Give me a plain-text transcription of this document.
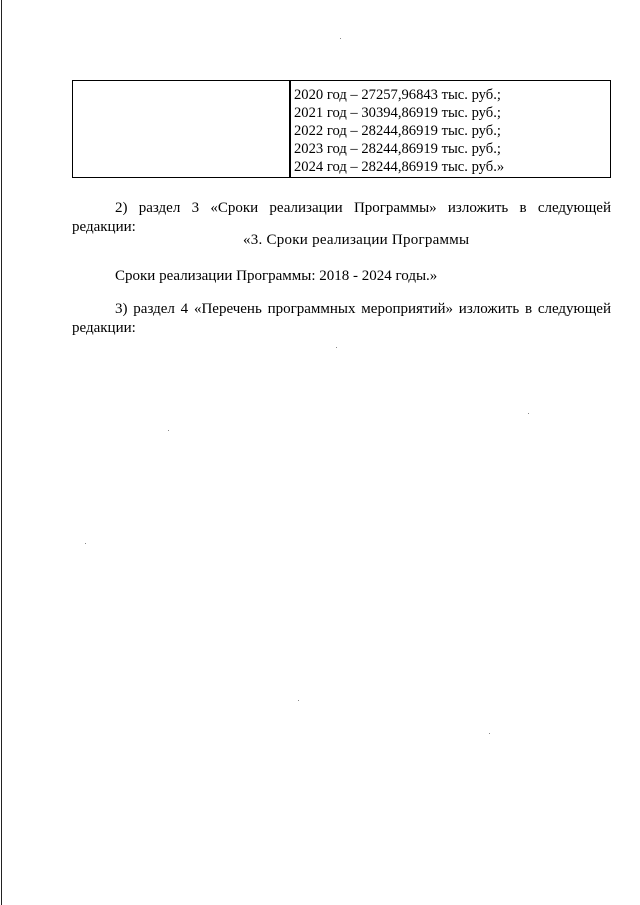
2020 год – 27257,96843 тыс. руб.;
2021 год – 30394,86919 тыс. руб.;
2022 год – 28244,86919 тыс. руб.;
2023 год – 28244,86919 тыс. руб.;
2024 год – 28244,86919 тыс. руб.»
2) раздел 3 «Сроки реализации Программы» изложить в следующей
редакции:
«3. Сроки реализации Программы
Сроки реализации Программы: 2018 - 2024 годы.»
3) раздел 4 «Перечень программных мероприятий» изложить в следующей
редакции:
